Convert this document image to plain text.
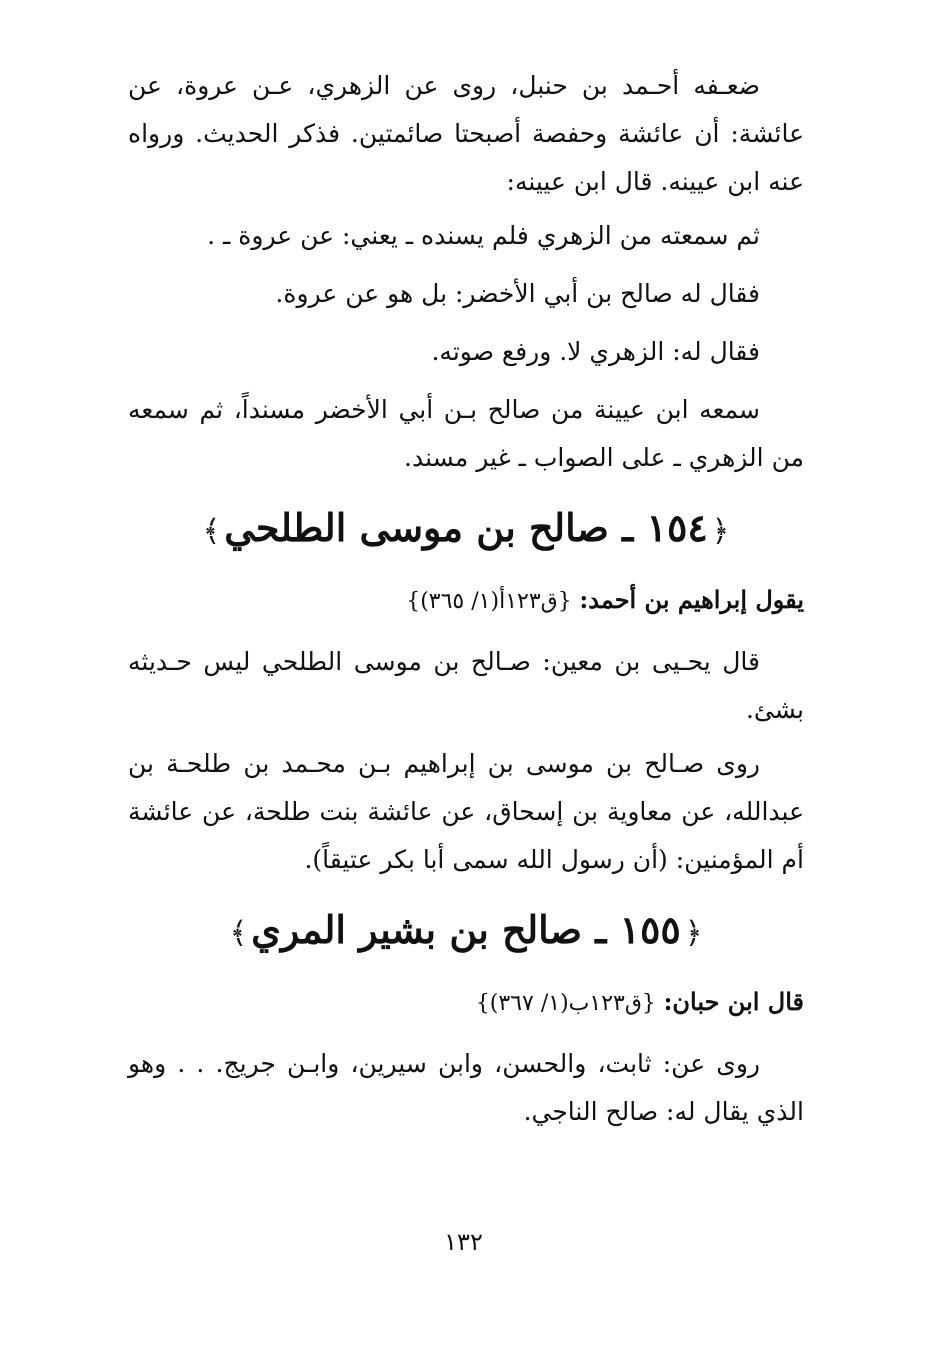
ضعـفه أحـمد بن حنبل، روى عن الزهري، عـن عروة، عن عائشة: أن عائشة وحفصة أصبحتا صائمتين. فذكر الحديث. ورواه عنه ابن عيينه. قال ابن عيينه:

ثم سمعته من الزهري فلم يسنده ـ يعني: عن عروة ـ .

فقال له صالح بن أبي الأخضر: بل هو عن عروة.

فقال له: الزهري لا. ورفع صوته.

سمعه ابن عيينة من صالح بـن أبي الأخضر مسنداً، ثم سمعه من الزهري ـ على الصواب ـ غير مسند.

﴿١٥٤ ـ صالح بن موسى الطلحي﴾
يقول إبراهيم بن أحمد: {ق١٢٣أ(١/ ٣٦٥)}

قال يحـيى بن معين: صـالح بن موسى الطلحي ليس حـديثه بشئ.

روى صـالح بن موسى بن إبراهيم بـن محـمد بن طلحـة بن عبدالله، عن معاوية بن إسحاق، عن عائشة بنت طلحة، عن عائشة أم المؤمنين: (أن رسول الله سمى أبا بكر عتيقاً).

﴿١٥٥ ـ صالح بن بشير المري﴾
قال ابن حبان: {ق١٢٣ب(١/ ٣٦٧)}

روى عن: ثابت، والحسن، وابن سيرين، وابـن جريج. . . وهو الذي يقال له: صالح الناجي.

١٣٢
